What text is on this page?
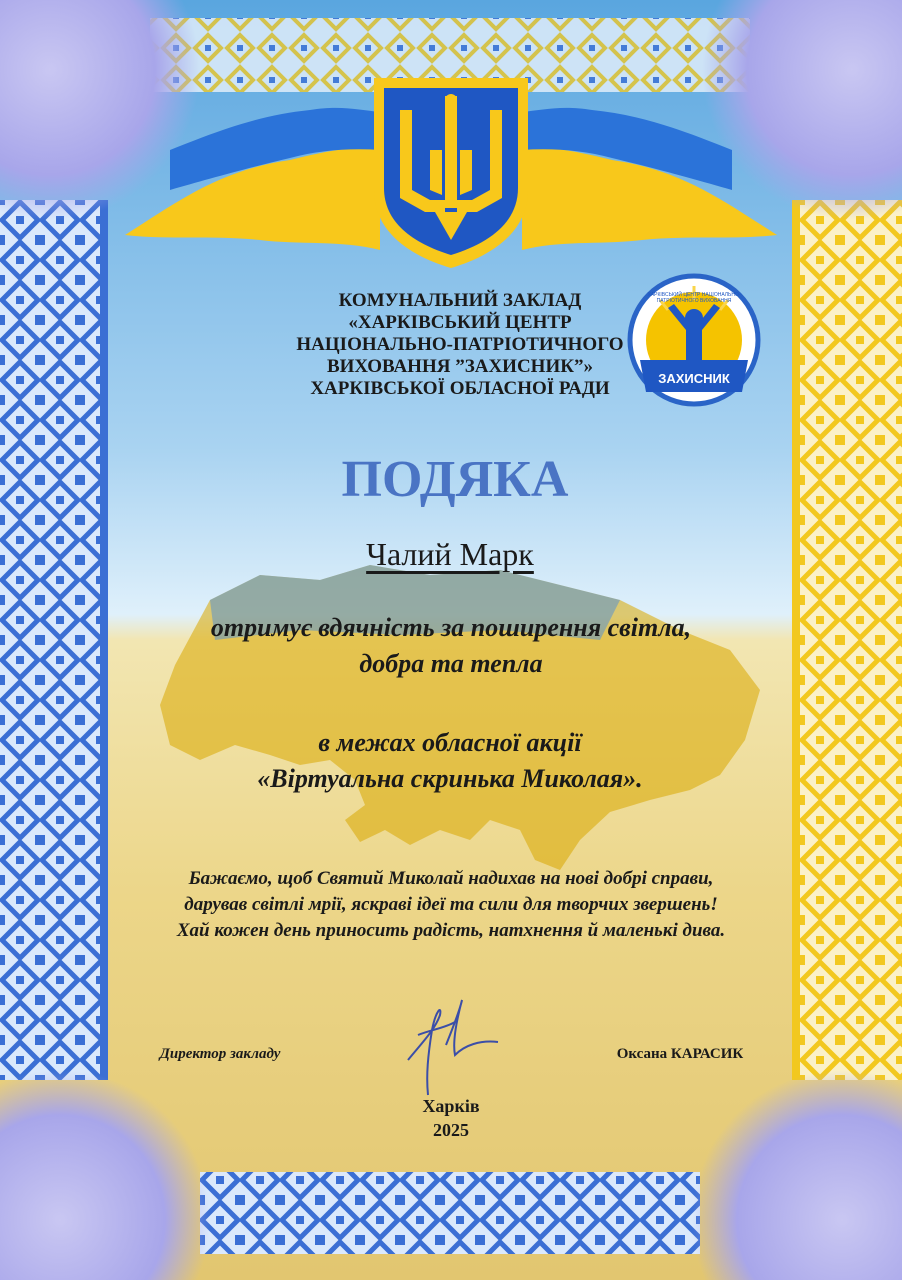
ЗАХИСНИК
ХАРКІВСЬКИЙ ЦЕНТР НАЦІОНАЛЬНО-ПАТРІОТИЧНОГО ВИХОВАННЯ
КОМУНАЛЬНИЙ ЗАКЛАД
«ХАРКІВСЬКИЙ ЦЕНТР
НАЦІОНАЛЬНО-ПАТРІОТИЧНОГО
ВИХОВАННЯ ”ЗАХИСНИК”»
ХАРКІВСЬКОЇ ОБЛАСНОЇ РАДИ
ПОДЯКА
Чалий Марк
отримує вдячність за поширення світла,
добра та тепла
в межах обласної акції
«Віртуальна скринька Миколая».
Бажаємо, щоб Святий Миколай надихав на нові добрі справи,
дарував світлі мрії, яскраві ідеї та сили для творчих звершень!
Хай кожен день приносить радість, натхнення й маленькі дива.
Директор закладу	Оксана КАРАСИК
Харків
2025
